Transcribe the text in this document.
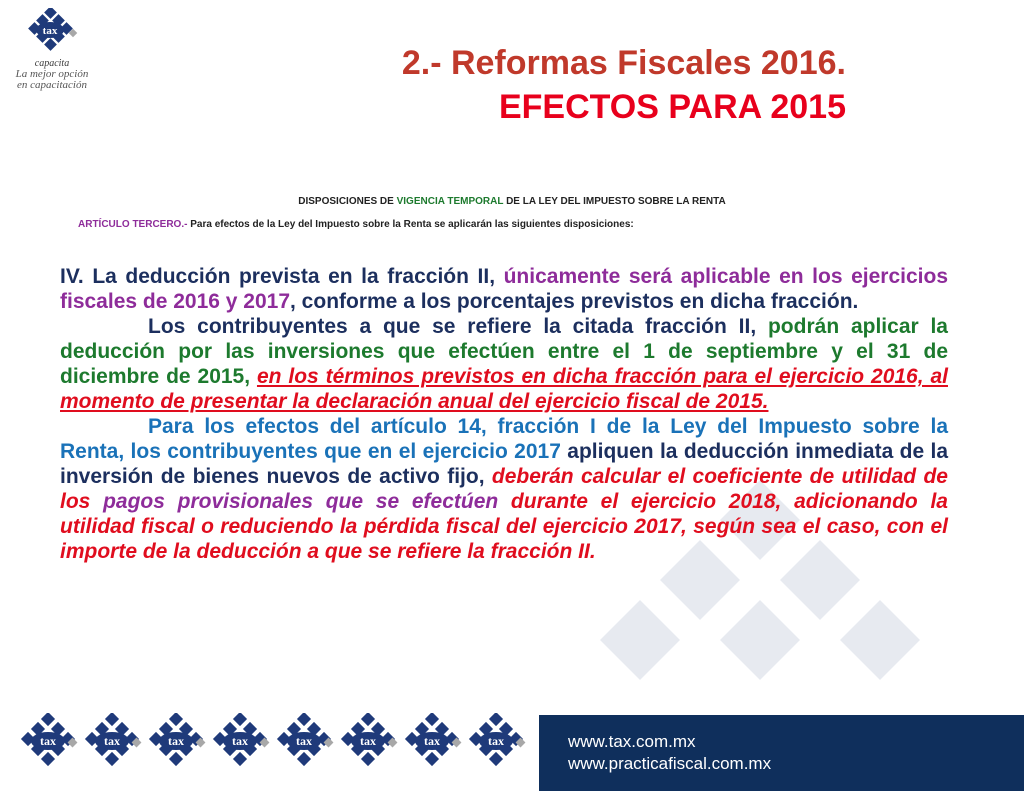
tax
capacita
La mejor opción
en capacitación
2.- Reformas Fiscales 2016.
EFECTOS PARA 2015

DISPOSICIONES DE VIGENCIA TEMPORAL DE LA LEY DEL IMPUESTO SOBRE LA RENTA

ARTÍCULO TERCERO.- Para efectos de la Ley del Impuesto sobre la Renta se aplicarán las siguientes disposiciones:

IV. La deducción prevista en la fracción II, únicamente será aplicable en los ejercicios fiscales de 2016 y 2017, conforme a los porcentajes previstos en dicha fracción.

Los contribuyentes a que se refiere la citada fracción II, podrán aplicar la deducción por las inversiones que efectúen entre el 1 de septiembre y el 31 de diciembre de 2015, en los términos previstos en dicha fracción para el ejercicio 2016, al momento de presentar la declaración anual del ejercicio fiscal de 2015.

Para los efectos del artículo 14, fracción I de la Ley del Impuesto sobre la Renta, los contribuyentes que en el ejercicio 2017 apliquen la deducción inmediata de la inversión de bienes nuevos de activo fijo, deberán calcular el coeficiente de utilidad de los pagos provisionales que se efectúen durante el ejercicio 2018, adicionando la utilidad fiscal o reduciendo la pérdida fiscal del ejercicio 2017, según sea el caso, con el importe de la deducción a que se refiere la fracción II.

tax	tax	tax	tax	tax	tax	tax	tax	www.tax.com.mx
www.practicafiscal.com.mx
